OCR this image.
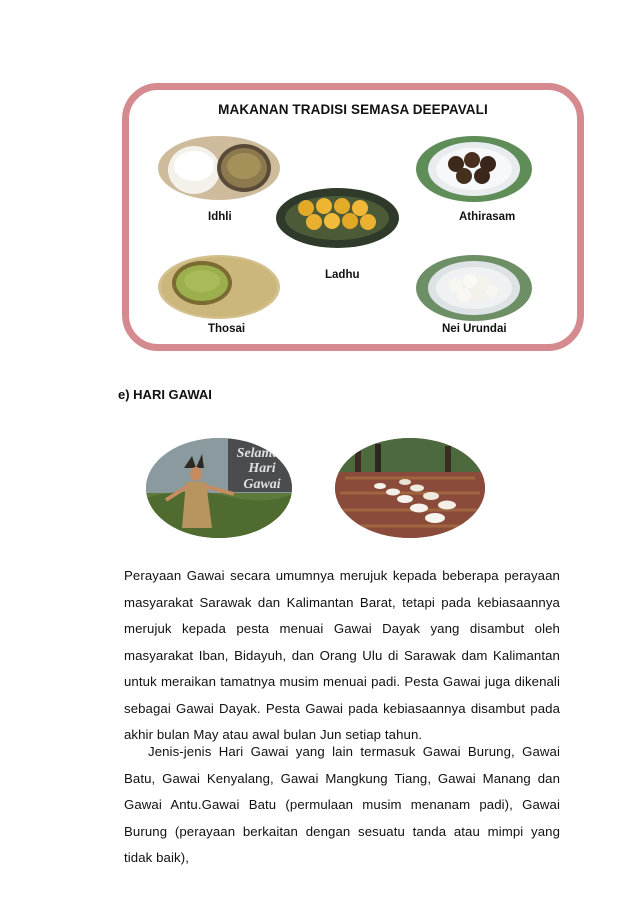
MAKANAN TRADISI SEMASA DEEPAVALI
Idhli	Athirasam
Ladhu
Thosai	Nei Urundai
e) HARI GAWAI
Selamat
Hari
Gawai
Perayaan Gawai secara umumnya merujuk kepada beberapa perayaan masyarakat Sarawak dan Kalimantan Barat, tetapi pada kebiasaannya merujuk kepada pesta menuai Gawai Dayak yang disambut oleh masyarakat Iban, Bidayuh, dan Orang Ulu di Sarawak dam Kalimantan untuk meraikan tamatnya musim menuai padi. Pesta Gawai juga dikenali sebagai Gawai Dayak. Pesta Gawai pada kebiasaannya disambut pada akhir bulan May atau awal bulan Jun setiap tahun.
Jenis-jenis Hari Gawai yang lain termasuk Gawai Burung, Gawai Batu, Gawai Kenyalang, Gawai Mangkung Tiang, Gawai Manang dan Gawai Antu.Gawai Batu (permulaan musim menanam padi), Gawai Burung (perayaan berkaitan dengan sesuatu tanda atau mimpi yang tidak baik),
